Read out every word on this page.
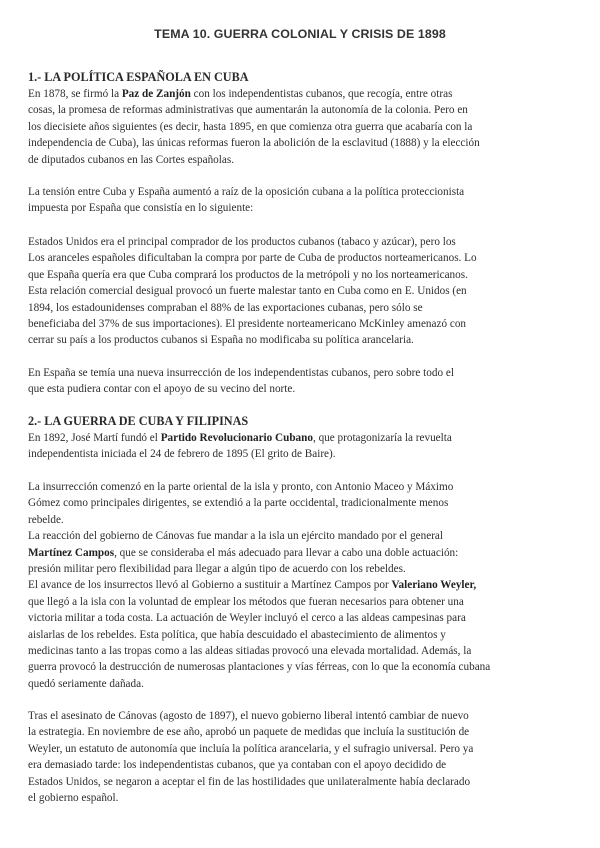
TEMA 10. GUERRA COLONIAL Y CRISIS DE 1898
1.- LA POLÍTICA ESPAÑOLA EN CUBA

En 1878, se firmó la Paz de Zanjón con los independentistas cubanos, que recogía, entre otras
cosas, la promesa de reformas administrativas que aumentarán la autonomía de la colonia. Pero en
los diecisiete años siguientes (es decir, hasta 1895, en que comienza otra guerra que acabaría con la
independencia de Cuba), las únicas reformas fueron la abolición de la esclavitud (1888) y la elección
de diputados cubanos en las Cortes españolas.

La tensión entre Cuba y España aumentó a raíz de la oposición cubana a la política proteccionista
impuesta por España que consistía en lo siguiente:

Estados Unidos era el principal comprador de los productos cubanos (tabaco y azúcar), pero los
Los aranceles españoles dificultaban la compra por parte de Cuba de productos norteamericanos. Lo
que España quería era que Cuba comprará los productos de la metrópoli y no los norteamericanos.
Esta relación comercial desigual provocó un fuerte malestar tanto en Cuba como en E. Unidos (en
1894, los estadounidenses compraban el 88% de las exportaciones cubanas, pero sólo se
beneficiaba del 37% de sus importaciones). El presidente norteamericano McKinley amenazó con
cerrar su país a los productos cubanos si España no modificaba su política arancelaria.

En España se temía una nueva insurrección de los independentistas cubanos, pero sobre todo el
que esta pudiera contar con el apoyo de su vecino del norte.

2.- LA GUERRA DE CUBA Y FILIPINAS

En 1892, José Martí fundó el Partido Revolucionario Cubano, que protagonizaría la revuelta
independentista iniciada el 24 de febrero de 1895 (El grito de Baire).

La insurrección comenzó en la parte oriental de la isla y pronto, con Antonio Maceo y Máximo
Gómez como principales dirigentes, se extendió a la parte occidental, tradicionalmente menos
rebelde.
La reacción del gobierno de Cánovas fue mandar a la isla un ejército mandado por el general
Martínez Campos, que se consideraba el más adecuado para llevar a cabo una doble actuación:
presión militar pero flexibilidad para llegar a algún tipo de acuerdo con los rebeldes.
El avance de los insurrectos llevó al Gobierno a sustituir a Martínez Campos por Valeriano Weyler,
que llegó a la isla con la voluntad de emplear los métodos que fueran necesarios para obtener una
victoria militar a toda costa. La actuación de Weyler incluyó el cerco a las aldeas campesinas para
aislarlas de los rebeldes. Esta política, que había descuidado el abastecimiento de alimentos y
medicinas tanto a las tropas como a las aldeas sitiadas provocó una elevada mortalidad. Además, la
guerra provocó la destrucción de numerosas plantaciones y vías férreas, con lo que la economía cubana
quedó seriamente dañada.

Tras el asesinato de Cánovas (agosto de 1897), el nuevo gobierno liberal intentó cambiar de nuevo
la estrategia. En noviembre de ese año, aprobó un paquete de medidas que incluía la sustitución de
Weyler, un estatuto de autonomía que incluía la política arancelaria, y el sufragio universal. Pero ya
era demasiado tarde: los independentistas cubanos, que ya contaban con el apoyo decidido de
Estados Unidos, se negaron a aceptar el fin de las hostilidades que unilateralmente había declarado
el gobierno español.
